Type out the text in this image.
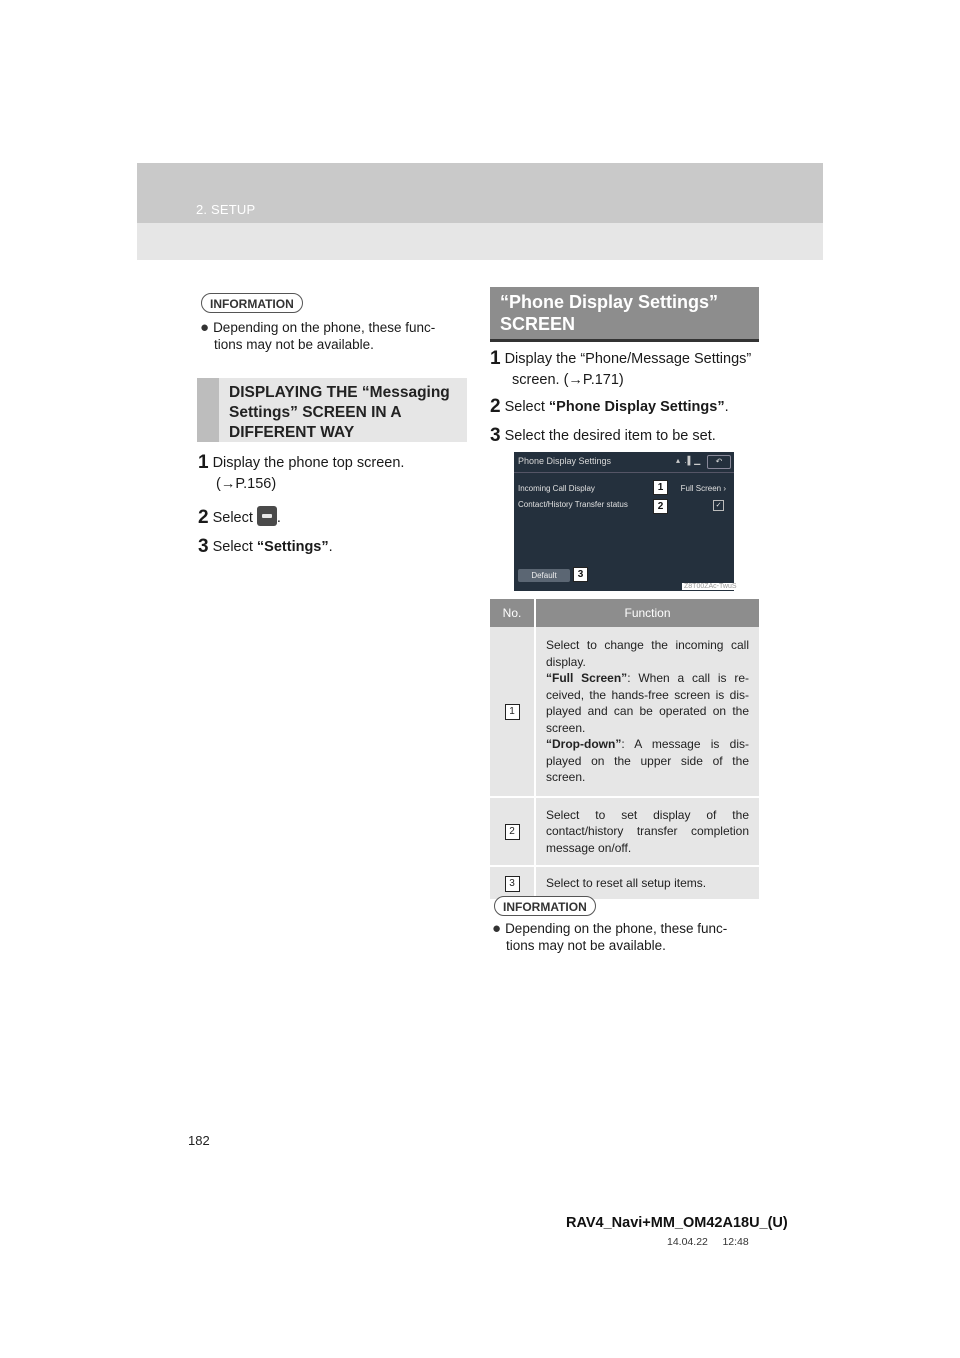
2. SETUP
INFORMATION
● Depending on the phone, these func-
tions may not be available.
DISPLAYING THE “Messaging Settings” SCREEN IN A DIFFERENT WAY
1 Display the phone top screen.
(→P.156)
2 Select .
3 Select “Settings”.
“Phone Display Settings”
SCREEN
1 Display the “Phone/Message Settings”
screen. (→P.171)
2 Select “Phone Display Settings”.
3 Select the desired item to be set.
Phone Display Settings	▴ .▌▁	↶
Incoming Call Display	Full Screen ›
Contact/History Transfer status	✓
Default
1
2
3
Z8T00ZAc-TwuS
No.	Function
1	Select to change the incoming call display.
“Full Screen”: When a call is re-ceived, the hands-free screen is dis-played and can be operated on the screen.
“Drop-down”: A message is dis-played on the upper side of the screen.
2	Select to set display of the contact/history transfer completion message on/off.
3	Select to reset all setup items.
INFORMATION
● Depending on the phone, these func-
tions may not be available.
182
RAV4_Navi+MM_OM42A18U_(U)
14.04.22     12:48
